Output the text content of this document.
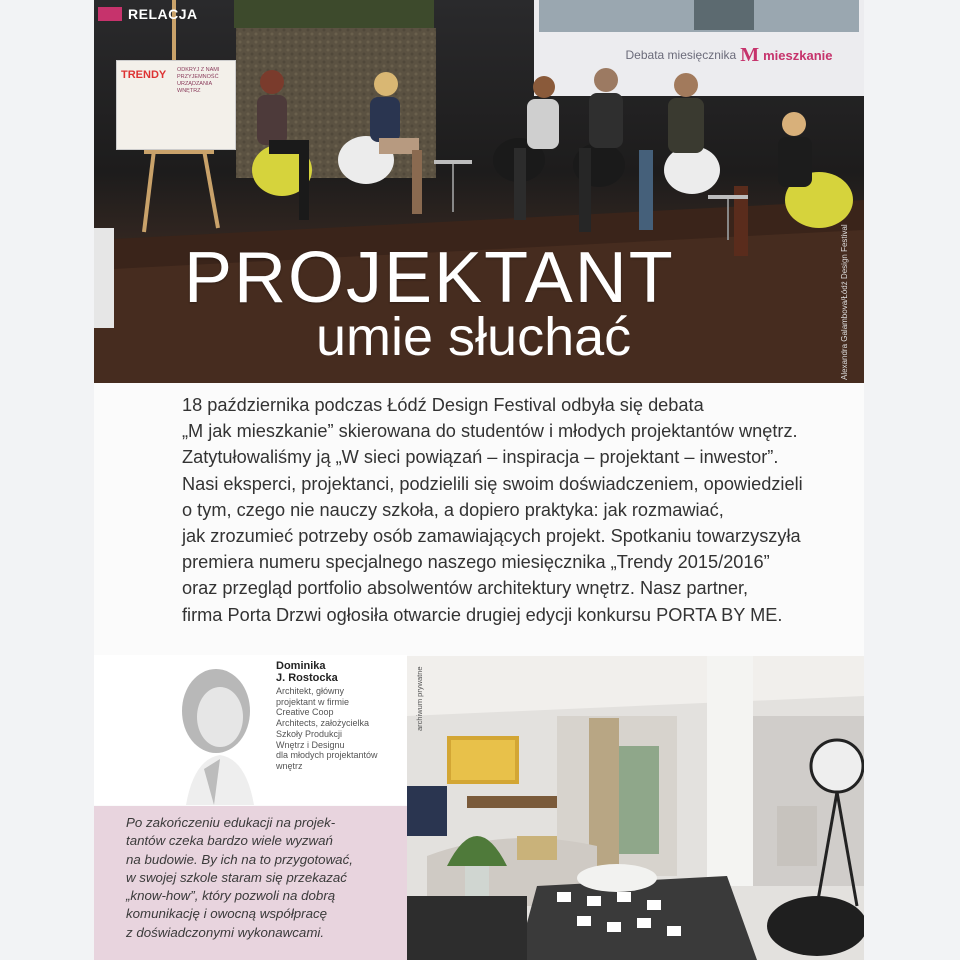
RELACJA
Debata miesięcznika M mieszkanie
TRENDY ODKRYJ Z NAMI PRZYJEMNOŚĆ URZĄDZANIA WNĘTRZ
PROJEKTANT
umie słuchać	Alexandra Galambova/Łódź Design Festival

18 października podczas Łódź Design Festival odbyła się debata

„M jak mieszkanie” skierowana do studentów i młodych projektantów wnętrz.

Zatytułowaliśmy ją „W sieci powiązań – inspiracja – projektant – inwestor”.

Nasi eksperci, projektanci, podzielili się swoim doświadczeniem, opowiedzieli

o tym, czego nie nauczy szkoła, a dopiero praktyka: jak rozmawiać,

jak zrozumieć potrzeby osób zamawiających projekt. Spotkaniu towarzyszyła

premiera numeru specjalnego naszego miesięcznika „Trendy 2015/2016”

oraz przegląd portfolio absolwentów architektury wnętrz. Nasz partner,

firma Porta Drzwi ogłosiła otwarcie drugiej edycji konkursu PORTA BY ME.

Dominika
J. Rostocka
Architekt, główny
projektant w firmie
Creative Coop
Architects, założycielka
Szkoły Produkcji
Wnętrz i Designu
dla młodych projektantów
wnętrz

Po zakończeniu edukacji na projek-

tantów czeka bardzo wiele wyzwań

na budowie. By ich na to przygotować,

w swojej szkole staram się przekazać

„know-how”, który pozwoli na dobrą

komunikację i owocną współpracę

z doświadczonymi wykonawcami.

archiwum prywatne
